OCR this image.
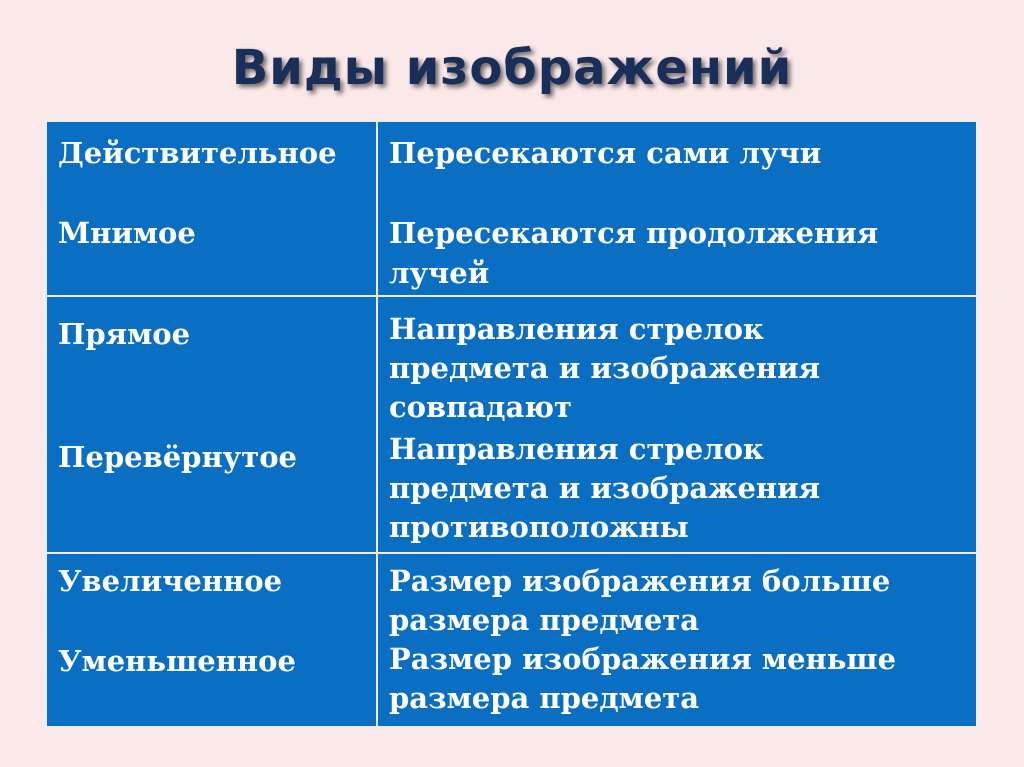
Виды изображений
Действительное
Мнимое
Пересекаются сами лучи
Пересекаются продолжения
лучей
Прямое
Перевёрнутое
Направления стрелок
предмета и изображения
совпадают
Направления стрелок
предмета и изображения
противоположны
Увеличенное
Уменьшенное
Размер изображения больше
размера предмета
Размер изображения меньше
размера предмета
